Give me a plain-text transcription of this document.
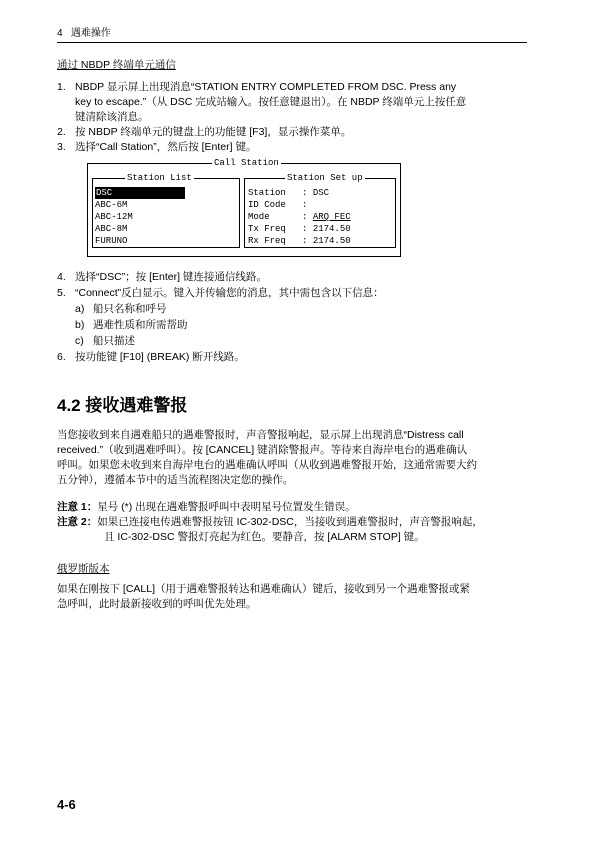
4 遇难操作
通过 NBDP 终端单元通信
1. NBDP 显示屏上出现消息“STATION ENTRY COMPLETED FROM DSC. Press any
key to escape.”（从 DSC 完成站输入。按任意键退出）。在 NBDP 终端单元上按任意
键清除该消息。
2. 按 NBDP 终端单元的键盘上的功能键 [F3]，显示操作菜单。
3. 选择“Call Station”，然后按 [Enter] 键。
Call Station
Station List
DSC
ABC-6M
ABC-12M
ABC-8M
FURUNO
Station Set up
Station : DSC
ID Code :
Mode	: ARQ FEC
Tx Freq : 2174.50
Rx Freq : 2174.50
4. 选择“DSC”；按 [Enter] 键连接通信线路。
5. “Connect”反白显示。键入并传输您的消息，其中需包含以下信息：
a) 船只名称和呼号
b) 遇难性质和所需帮助
c) 船只描述
6. 按功能键 [F10] (BREAK) 断开线路。
4.2 接收遇难警报
当您接收到来自遇难船只的遇难警报时，声音警报响起，显示屏上出现消息“Distress call
received.”（收到遇难呼叫）。按 [CANCEL] 键消除警报声。等待来自海岸电台的遇难确认
呼叫。如果您未收到来自海岸电台的遇难确认呼叫（从收到遇难警报开始，这通常需要大约
五分钟），遵循本节中的适当流程图决定您的操作。
注意 1：星号 (*) 出现在遇难警报呼叫中表明星号位置发生错误。
注意 2：如果已连接电传遇难警报按钮 IC-302-DSC，当接收到遇难警报时，声音警报响起，
且 IC-302-DSC 警报灯亮起为红色。要静音，按 [ALARM STOP] 键。
俄罗斯版本
如果在刚按下 [CALL]（用于遇难警报转达和遇难确认）键后，接收到另一个遇难警报或紧
急呼叫，此时最新接收到的呼叫优先处理。
4-6
